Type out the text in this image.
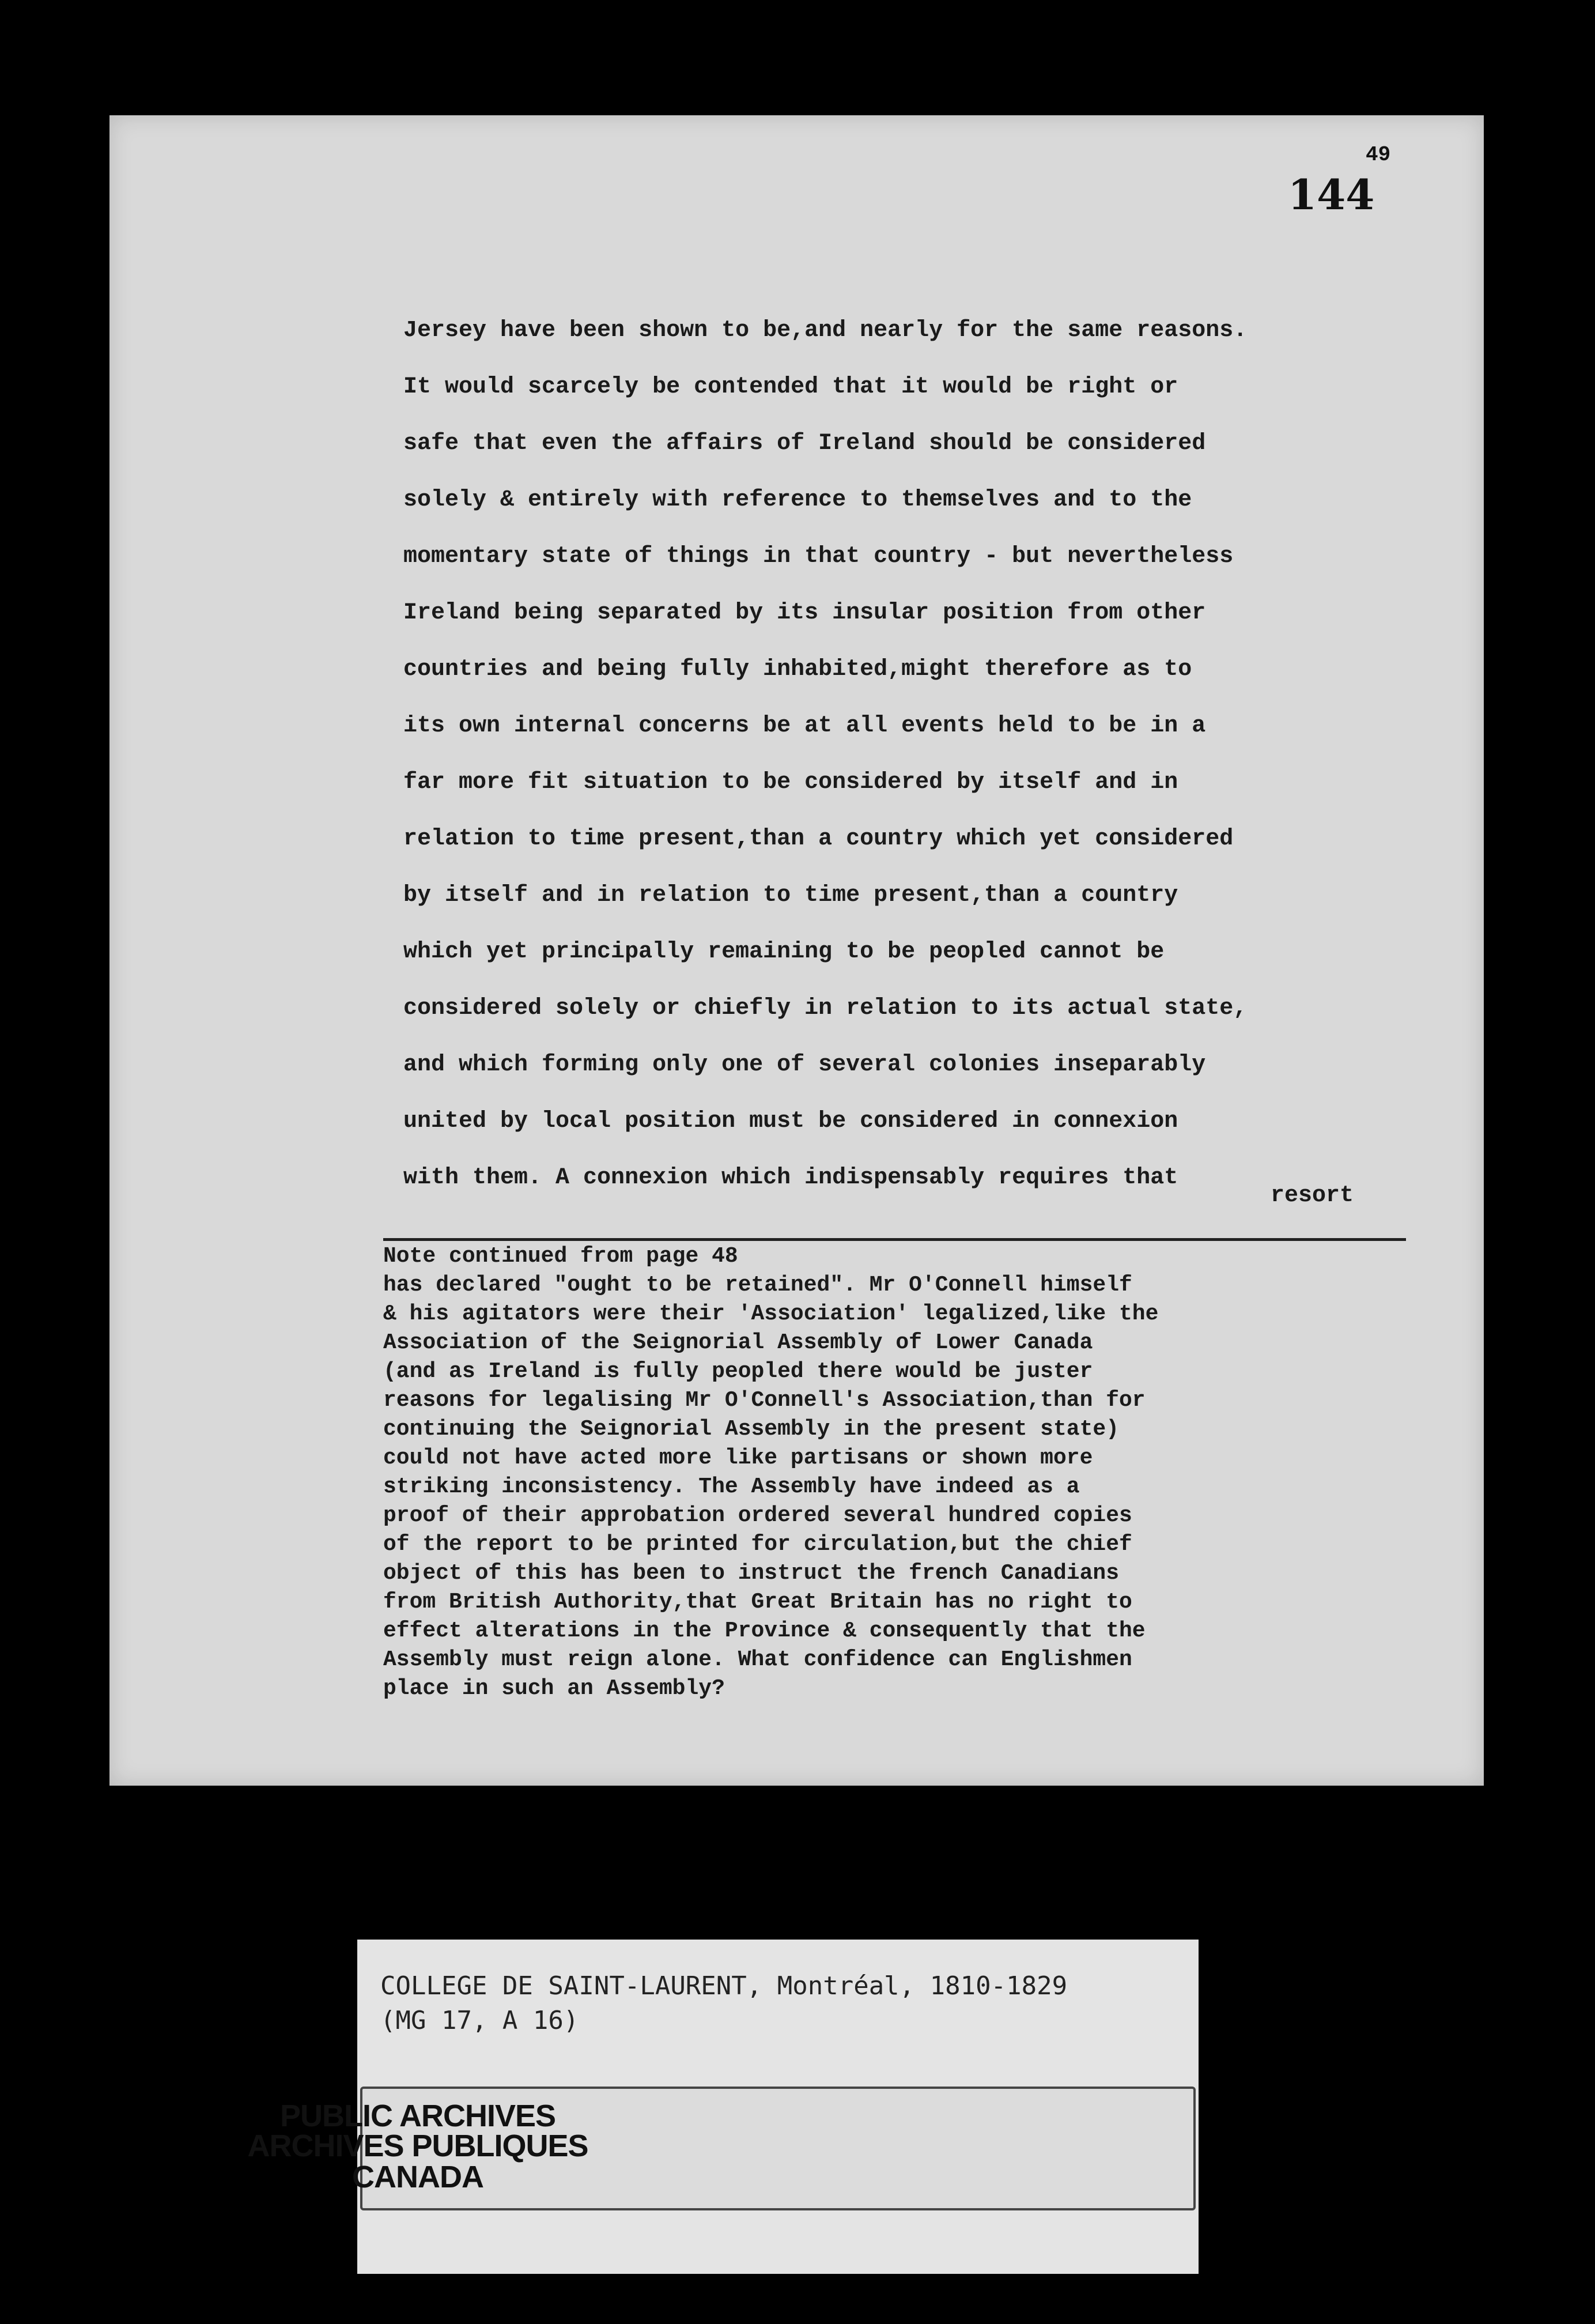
49
144
Jersey have been shown to be,and nearly for the same reasons.
It would scarcely be contended that it would be right or
safe that even the affairs of Ireland should be considered
solely & entirely with reference to themselves and to the
momentary state of things in that country - but nevertheless
Ireland being separated by its insular position from other
countries and being fully inhabited,might therefore as to
its own internal concerns be at all events held to be in a
far more fit situation to be considered by itself and in
relation to time present,than a country which yet considered
by itself and in relation to time present,than a country
which yet principally remaining to be peopled cannot be
considered solely or chiefly in relation to its actual state,
and which forming only one of several colonies inseparably
united by local position must be considered in connexion
with them. A connexion which indispensably requires that
resort
Note continued from page 48
has declared "ought to be retained". Mr O'Connell himself
& his agitators were their 'Association' legalized,like the
Association of the Seignorial Assembly of Lower Canada
(and as Ireland is fully peopled there would be juster
reasons for legalising Mr O'Connell's Association,than for
continuing the Seignorial Assembly in the present state)
could not have acted more like partisans or shown more
striking inconsistency. The Assembly have indeed as a
proof of their approbation ordered several hundred copies
of the report to be printed for circulation,but the chief
object of this has been to instruct the french Canadians
from British Authority,that Great Britain has no right to
effect alterations in the Province & consequently that the
Assembly must reign alone. What confidence can Englishmen
place in such an Assembly?
COLLEGE DE SAINT-LAURENT, Montréal, 1810-1829
(MG 17, A 16)
PUBLIC ARCHIVES
ARCHIVES PUBLIQUES
CANADA
